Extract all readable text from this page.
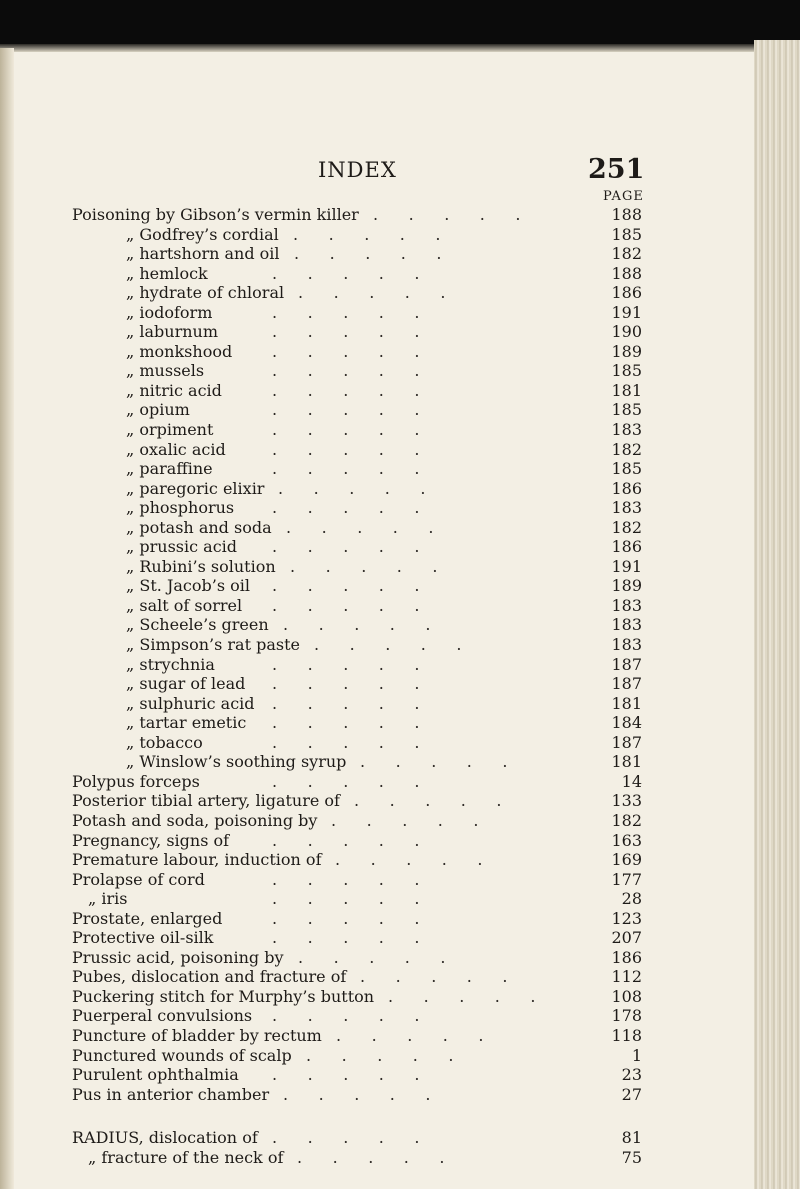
INDEX	251
PAGE
Poisoning by Gibson’s vermin killer .      .      .      .      .	188
„ Godfrey’s cordial .      .      .      .      .	185
„ hartshorn and oil .      .      .      .      .	182
„ hemlock	.      .      .      .      .	188
„ hydrate of chloral .      .      .      .      .	186
„ iodoform	.      .      .      .      .	191
„ laburnum	.      .      .      .      .	190
„ monkshood .      .      .      .      .	189
„ mussels	.      .      .      .      .	185
„ nitric acid	.      .      .      .      .	181
„ opium	.      .      .      .      .	185
„ orpiment	.      .      .      .      .	183
„ oxalic acid	.      .      .      .      .	182
„ paraffine	.      .      .      .      .	185
„ paregoric elixir .      .      .      .      .	186
„ phosphorus .      .      .      .      .	183
„ potash and soda .      .      .      .      .	182
„ prussic acid .      .      .      .      .	186
„ Rubini’s solution .      .      .      .      .	191
„ St. Jacob’s oil .      .      .      .      .	189
„ salt of sorrel .      .      .      .      .	183
„ Scheele’s green .      .      .      .      .	183
„ Simpson’s rat paste .      .      .      .      .	183
„ strychnia	.      .      .      .      .	187
„ sugar of lead .      .      .      .      .	187
„ sulphuric acid .      .      .      .      .	181
„ tartar emetic .      .      .      .      .	184
„ tobacco	.      .      .      .      .	187
„ Winslow’s soothing syrup .      .      .      .      .	181
Polypus forceps	.      .      .      .      .	14
Posterior tibial artery, ligature of .      .      .      .      .	133
Potash and soda, poisoning by .      .      .      .      .	182
Pregnancy, signs of	.      .      .      .      .	163
Premature labour, induction of .      .      .      .      .	169
Prolapse of cord	.      .      .      .      .	177
„ iris	.      .      .      .      .	28
Prostate, enlarged	.      .      .      .      .	123
Protective oil-silk	.      .      .      .      .	207
Prussic acid, poisoning by .      .      .      .      .	186
Pubes, dislocation and fracture of .      .      .      .      .	112
Puckering stitch for Murphy’s button .      .      .      .      .	108
Puerperal convulsions .      .      .      .      .	178
Puncture of bladder by rectum .      .      .      .      .	118
Punctured wounds of scalp .      .      .      .      .	1
Purulent ophthalmia .      .      .      .      .	23
Pus in anterior chamber .      .      .      .      .	27
RADIUS, dislocation of .      .      .      .      .	81
„ fracture of the neck of .      .      .      .      .	75
